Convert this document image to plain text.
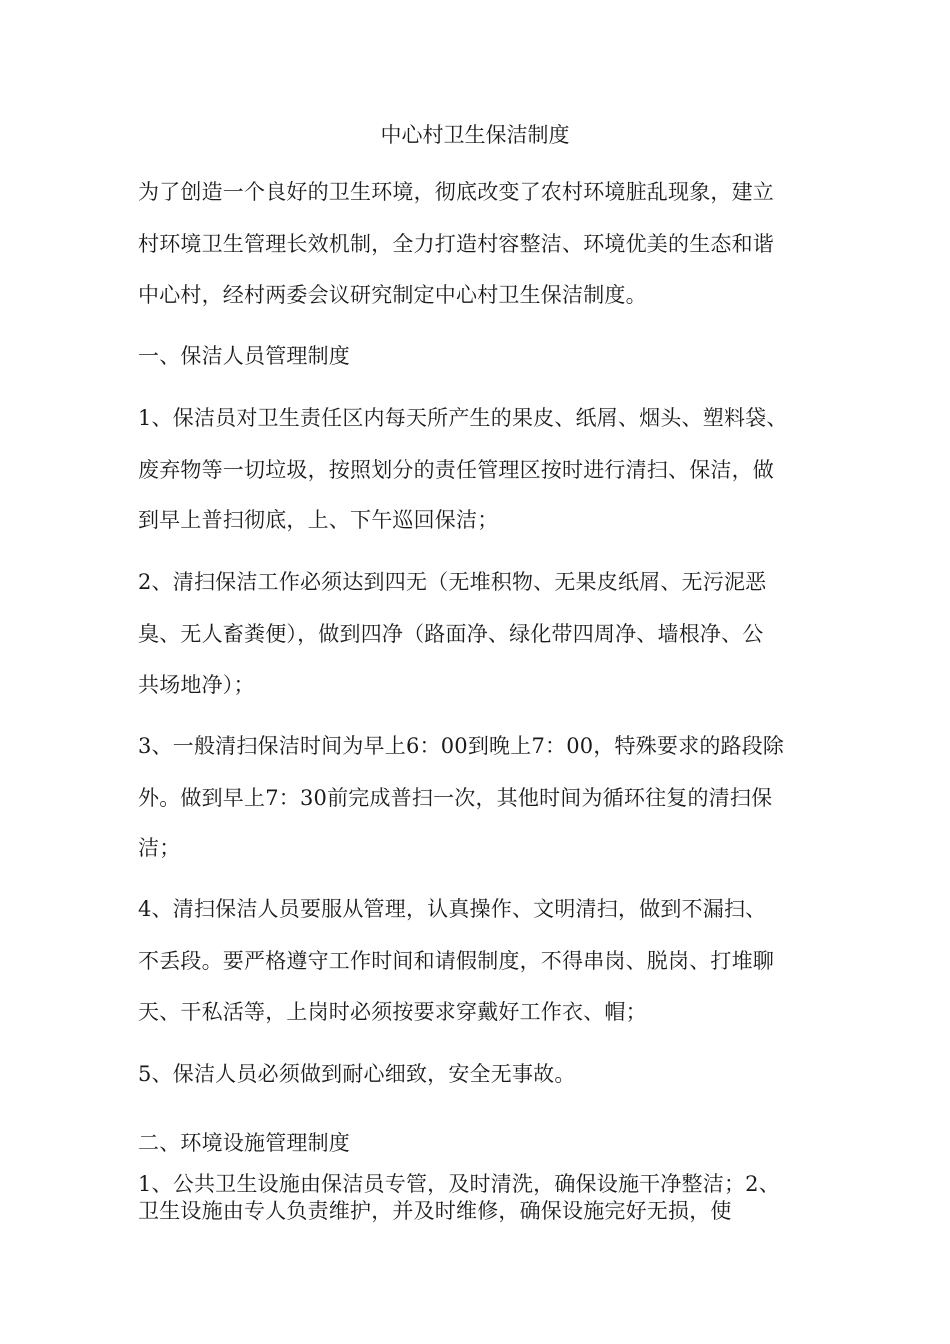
中心村卫生保洁制度
为了创造一个良好的卫生环境，彻底改变了农村环境脏乱现象，建立
村环境卫生管理长效机制，全力打造村容整洁、环境优美的生态和谐
中心村，经村两委会议研究制定中心村卫生保洁制度。
一、保洁人员管理制度
1、保洁员对卫生责任区内每天所产生的果皮、纸屑、烟头、塑料袋、
废弃物等一切垃圾，按照划分的责任管理区按时进行清扫、保洁，做
到早上普扫彻底，上、下午巡回保洁；
2、清扫保洁工作必须达到四无（无堆积物、无果皮纸屑、无污泥恶
臭、无人畜粪便），做到四净（路面净、绿化带四周净、墙根净、公
共场地净）；
3、一般清扫保洁时间为早上6：00到晚上7：00，特殊要求的路段除
外。做到早上7：30前完成普扫一次，其他时间为循环往复的清扫保
洁；
4、清扫保洁人员要服从管理，认真操作、文明清扫，做到不漏扫、
不丢段。要严格遵守工作时间和请假制度，不得串岗、脱岗、打堆聊
天、干私活等，上岗时必须按要求穿戴好工作衣、帽；
5、保洁人员必须做到耐心细致，安全无事故。
二、环境设施管理制度
1、公共卫生设施由保洁员专管，及时清洗，确保设施干净整洁；2、
卫生设施由专人负责维护，并及时维修，确保设施完好无损，使
